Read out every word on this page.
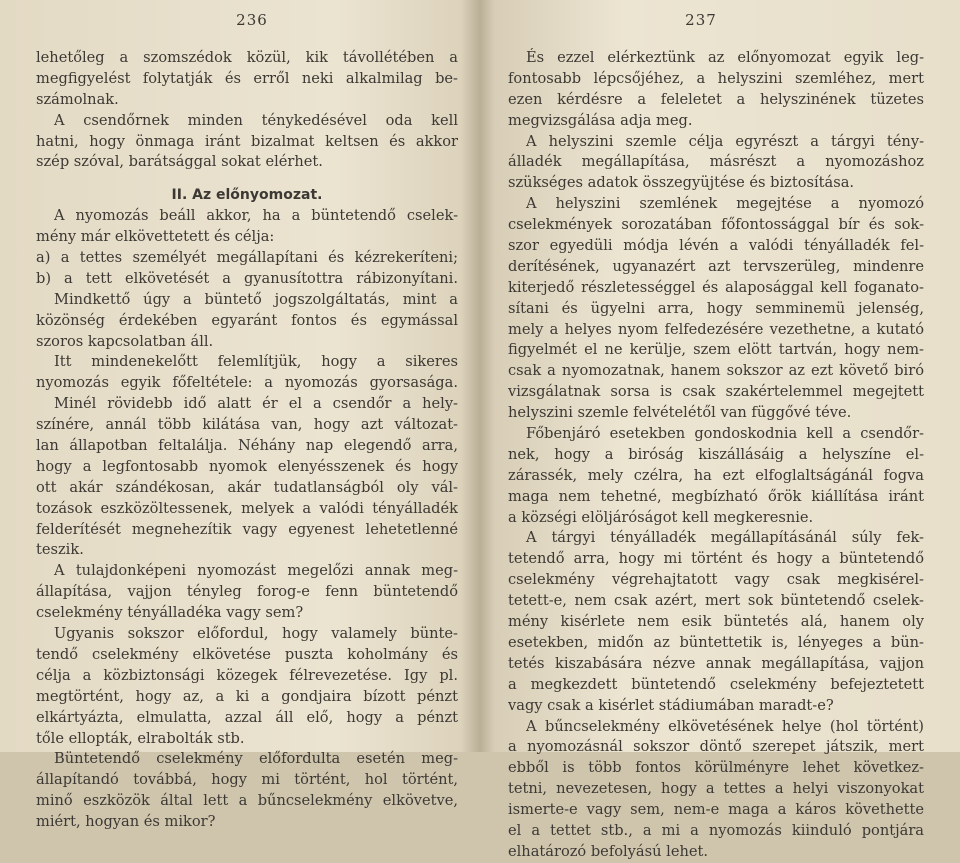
236
lehetőleg a szomszédok közül, kik távollétében a
megfigyelést folytatják és erről neki alkalmilag be-
számolnak.
A csendőrnek minden ténykedésével oda kell
hatni, hogy önmaga iránt bizalmat keltsen és akkor
szép szóval, barátsággal sokat elérhet.
II. Az előnyomozat.
A nyomozás beáll akkor, ha a büntetendő cselek-
mény már elkövettetett és célja:
a) a tettes személyét megállapítani és kézrekeríteni;
b) a tett elkövetését a gyanusítottra rábizonyítani.
Mindkettő úgy a büntető jogszolgáltatás, mint a
közönség érdekében egyaránt fontos és egymással
szoros kapcsolatban áll.
Itt mindenekelőtt felemlítjük, hogy a sikeres
nyomozás egyik főfeltétele: a nyomozás gyorsasága.
Minél rövidebb idő alatt ér el a csendőr a hely-
színére, annál több kilátása van, hogy azt változat-
lan állapotban feltalálja. Néhány nap elegendő arra,
hogy a legfontosabb nyomok elenyésszenek és hogy
ott akár szándékosan, akár tudatlanságból oly vál-
tozások eszközöltessenek, melyek a valódi tényálladék
felderítését megnehezítik vagy egyenest lehetetlenné
teszik.
A tulajdonképeni nyomozást megelőzi annak meg-
állapítása, vajjon tényleg forog-e fenn büntetendő
cselekmény tényálladéka vagy sem?
Ugyanis sokszor előfordul, hogy valamely bünte-
tendő cselekmény elkövetése puszta koholmány és
célja a közbiztonsági közegek félrevezetése. Igy pl.
megtörtént, hogy az, a ki a gondjaira bízott pénzt
elkártyázta, elmulatta, azzal áll elő, hogy a pénzt
tőle ellopták, elrabolták stb.
Büntetendő cselekmény előfordulta esetén meg-
állapítandó továbbá, hogy mi történt, hol történt,
minő eszközök által lett a bűncselekmény elkövetve,
miért, hogyan és mikor?
237
És ezzel elérkeztünk az előnyomozat egyik leg-
fontosabb lépcsőjéhez, a helyszini szemléhez, mert
ezen kérdésre a feleletet a helyszinének tüzetes
megvizsgálása adja meg.
A helyszini szemle célja egyrészt a tárgyi tény-
álladék megállapítása, másrészt a nyomozáshoz
szükséges adatok összegyüjtése és biztosítása.
A helyszini szemlének megejtése a nyomozó
cselekmények sorozatában főfontossággal bír és sok-
szor egyedüli módja lévén a valódi tényálladék fel-
derítésének, ugyanazért azt tervszerüleg, mindenre
kiterjedő részletességgel és alaposággal kell foganato-
sítani és ügyelni arra, hogy semminemü jelenség,
mely a helyes nyom felfedezésére vezethetne, a kutató
figyelmét el ne kerülje, szem elött tartván, hogy nem-
csak a nyomozatnak, hanem sokszor az ezt követő biró
vizsgálatnak sorsa is csak szakértelemmel megejtett
helyszini szemle felvételétől van függővé téve.
Főbenjáró esetekben gondoskodnia kell a csendőr-
nek, hogy a biróság kiszállásáig a helyszíne el-
zárassék, mely czélra, ha ezt elfoglaltságánál fogva
maga nem tehetné, megbízható őrök kiállítása iránt
a községi elöljáróságot kell megkeresnie.
A tárgyi tényálladék megállapításánál súly fek-
tetendő arra, hogy mi történt és hogy a büntetendő
cselekmény végrehajtatott vagy csak megkisérel-
tetett-e, nem csak azért, mert sok büntetendő cselek-
mény kisérlete nem esik büntetés alá, hanem oly
esetekben, midőn az büntettetik is, lényeges a bün-
tetés kiszabására nézve annak megállapítása, vajjon
a megkezdett büntetendő cselekmény befejeztetett
vagy csak a kisérlet stádiumában maradt-e?
A bűncselekmény elkövetésének helye (hol történt)
a nyomozásnál sokszor döntő szerepet játszik, mert
ebből is több fontos körülményre lehet következ-
tetni, nevezetesen, hogy a tettes a helyi viszonyokat
ismerte-e vagy sem, nem-e maga a káros követhette
el a tettet stb., a mi a nyomozás kiinduló pontjára
elhatározó befolyású lehet.
